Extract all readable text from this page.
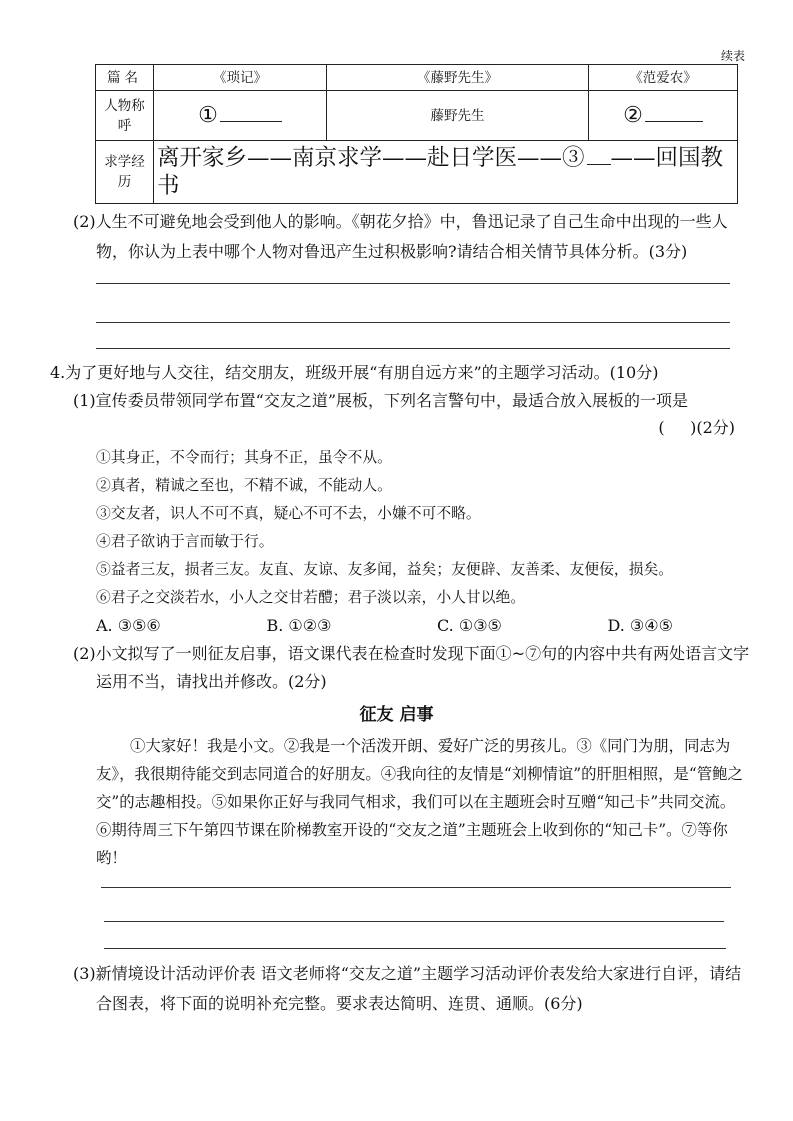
续表
篇名	《琐记》	《藤野先生》	《范爱农》
人物称呼	①	藤野先生	②
求学经历	离开家乡——南京求学——赴日学医——③ ——回国教书		
(2)人生不可避免地会受到他人的影响。《朝花夕拾》中，鲁迅记录了自己生命中出现的一些人物，你认为上表中哪个人物对鲁迅产生过积极影响?请结合相关情节具体分析。(3分)
4.为了更好地与人交往，结交朋友，班级开展“有朋自远方来”的主题学习活动。(10分)
(1)宣传委员带领同学布置“交友之道”展板，下列名言警句中，最适合放入展板的一项是
(     )(2分)
①其身正，不令而行；其身不正，虽令不从。
②真者，精诚之至也，不精不诚，不能动人。
③交友者，识人不可不真，疑心不可不去，小嫌不可不略。
④君子欲讷于言而敏于行。
⑤益者三友，损者三友。友直、友谅、友多闻，益矣；友便辟、友善柔、友便佞，损矣。
⑥君子之交淡若水，小人之交甘若醴；君子淡以亲，小人甘以绝。
A. ③⑤⑥	B. ①②③	C. ①③⑤	D. ③④⑤
(2)小文拟写了一则征友启事，语文课代表在检查时发现下面①~⑦句的内容中共有两处语言文字运用不当，请找出并修改。(2分)
征友 启事
①大家好！我是小文。②我是一个活泼开朗、爱好广泛的男孩儿。③《同门为朋，同志为友》，我很期待能交到志同道合的好朋友。④我向往的友情是“刘柳情谊”的肝胆相照，是“管鲍之交”的志趣相投。⑤如果你正好与我同气相求，我们可以在主题班会时互赠“知己卡”共同交流。⑥期待周三下午第四节课在阶梯教室开设的“交友之道”主题班会上收到你的“知己卡”。⑦等你哟！
(3)新情境设计活动评价表 语文老师将“交友之道”主题学习活动评价表发给大家进行自评，请结合图表，将下面的说明补充完整。要求表达简明、连贯、通顺。(6分)
